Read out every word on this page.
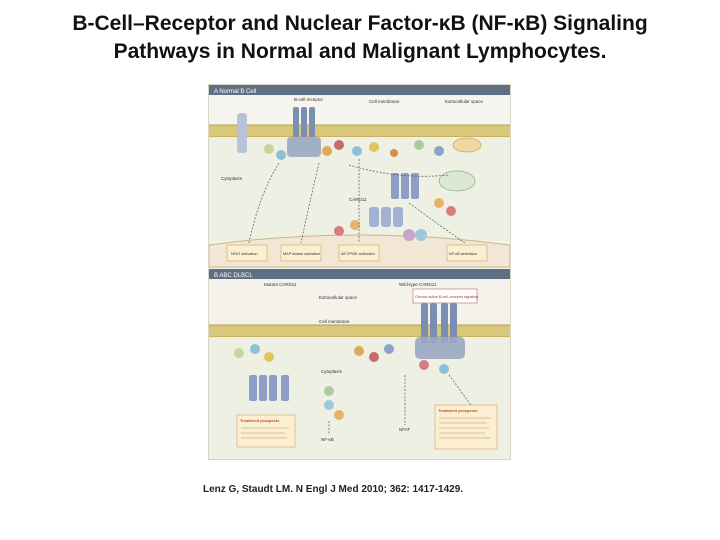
B-Cell–Receptor and Nuclear Factor-κB (NF-κB) Signaling
Pathways in Normal and Malignant Lymphocytes.
A Normal B Cell
B-cell receptor	Cell membrane	Extracellular space
Cytoplasm
CARD11
NFAT activation	MAP kinase activation	AKT/PI3K activation	NF-κB activation
B ABC DLBCL
Mutant CARD11	Wild-type CARD11
Extracellular space	Chronic active B-cell–receptor signaling
Cell membrane
Cytoplasm
NF-κB
NFAT
Treatment prospects
Treatment prospects
Lenz G, Staudt LM. N Engl J Med 2010; 362: 1417-1429.
